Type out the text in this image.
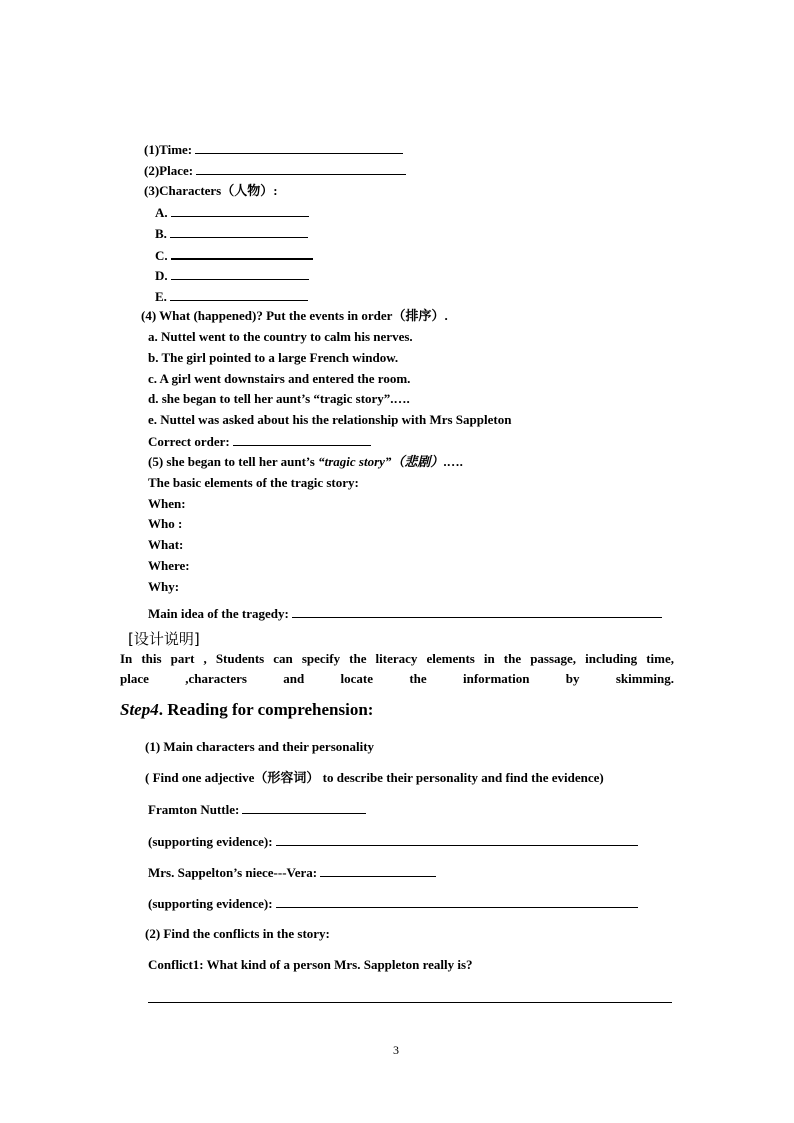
(1)Time:
(2)Place:
(3)Characters（人物）:
A.
B.
C.
D.
E.
(4) What (happened)? Put the events in order（排序）.
a. Nuttel went to the country to calm his nerves.
b. The girl pointed to a large French window.
c. A girl went downstairs and entered the room.
d. she began to tell her aunt’s “tragic story”.….
e. Nuttel was asked about his the relationship with Mrs Sappleton
Correct order:
(5) she began to tell her aunt’s “tragic story”（悲剧）.….
The basic elements of the tragic story:
When:
Who :
What:
Where:
Why:
Main idea of the tragedy:
[设计说明]
In this part , Students can specify the literacy elements in the passage, including time,
place ,characters and locate the information by skimming.
Step4. Reading for comprehension:
(1) Main characters and their personality
( Find one adjective（形容词） to describe their personality and find the evidence)
Framton Nuttle:
(supporting evidence):
Mrs. Sappelton’s niece---Vera:
(supporting evidence):
(2) Find the conflicts in the story:
Conflict1: What kind of a person Mrs. Sappleton really is?
3
